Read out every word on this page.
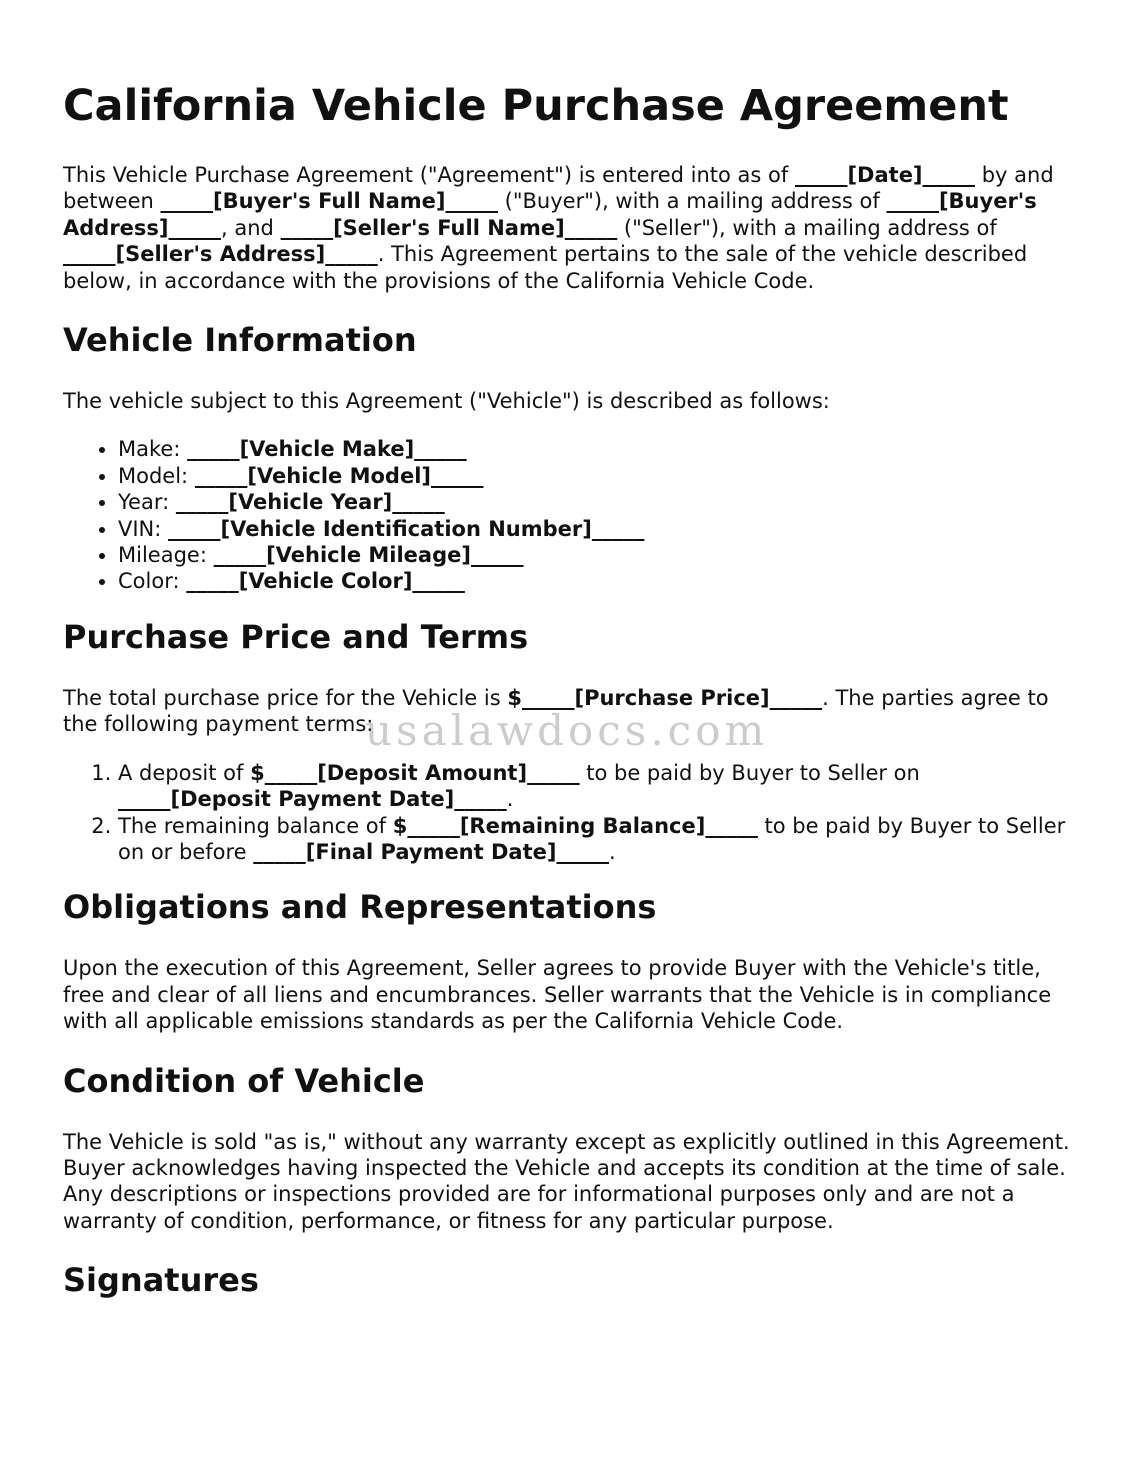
California Vehicle Purchase Agreement

This Vehicle Purchase Agreement ("Agreement") is entered into as of _____[Date]_____ by and between _____[Buyer's Full Name]_____ ("Buyer"), with a mailing address of _____[Buyer's Address]_____, and _____[Seller's Full Name]_____ ("Seller"), with a mailing address of _____[Seller's Address]_____. This Agreement pertains to the sale of the vehicle described below, in accordance with the provisions of the California Vehicle Code.

Vehicle Information

The vehicle subject to this Agreement ("Vehicle") is described as follows:

• Make: _____[Vehicle Make]_____
• Model: _____[Vehicle Model]_____
• Year: _____[Vehicle Year]_____
• VIN: _____[Vehicle Identification Number]_____
• Mileage: _____[Vehicle Mileage]_____
• Color: _____[Vehicle Color]_____
Purchase Price and Terms

The total purchase price for the Vehicle is $_____[Purchase Price]_____. The parties agree to the following payment terms:

1. A deposit of $_____[Deposit Amount]_____ to be paid by Buyer to Seller on _____[Deposit Payment Date]_____.
2. The remaining balance of $_____[Remaining Balance]_____ to be paid by Buyer to Seller on or before _____[Final Payment Date]_____.
Obligations and Representations

Upon the execution of this Agreement, Seller agrees to provide Buyer with the Vehicle's title, free and clear of all liens and encumbrances. Seller warrants that the Vehicle is in compliance with all applicable emissions standards as per the California Vehicle Code.

Condition of Vehicle

The Vehicle is sold "as is," without any warranty except as explicitly outlined in this Agreement. Buyer acknowledges having inspected the Vehicle and accepts its condition at the time of sale. Any descriptions or inspections provided are for informational purposes only and are not a warranty of condition, performance, or fitness for any particular purpose.

Signatures
usalawdocs.com
